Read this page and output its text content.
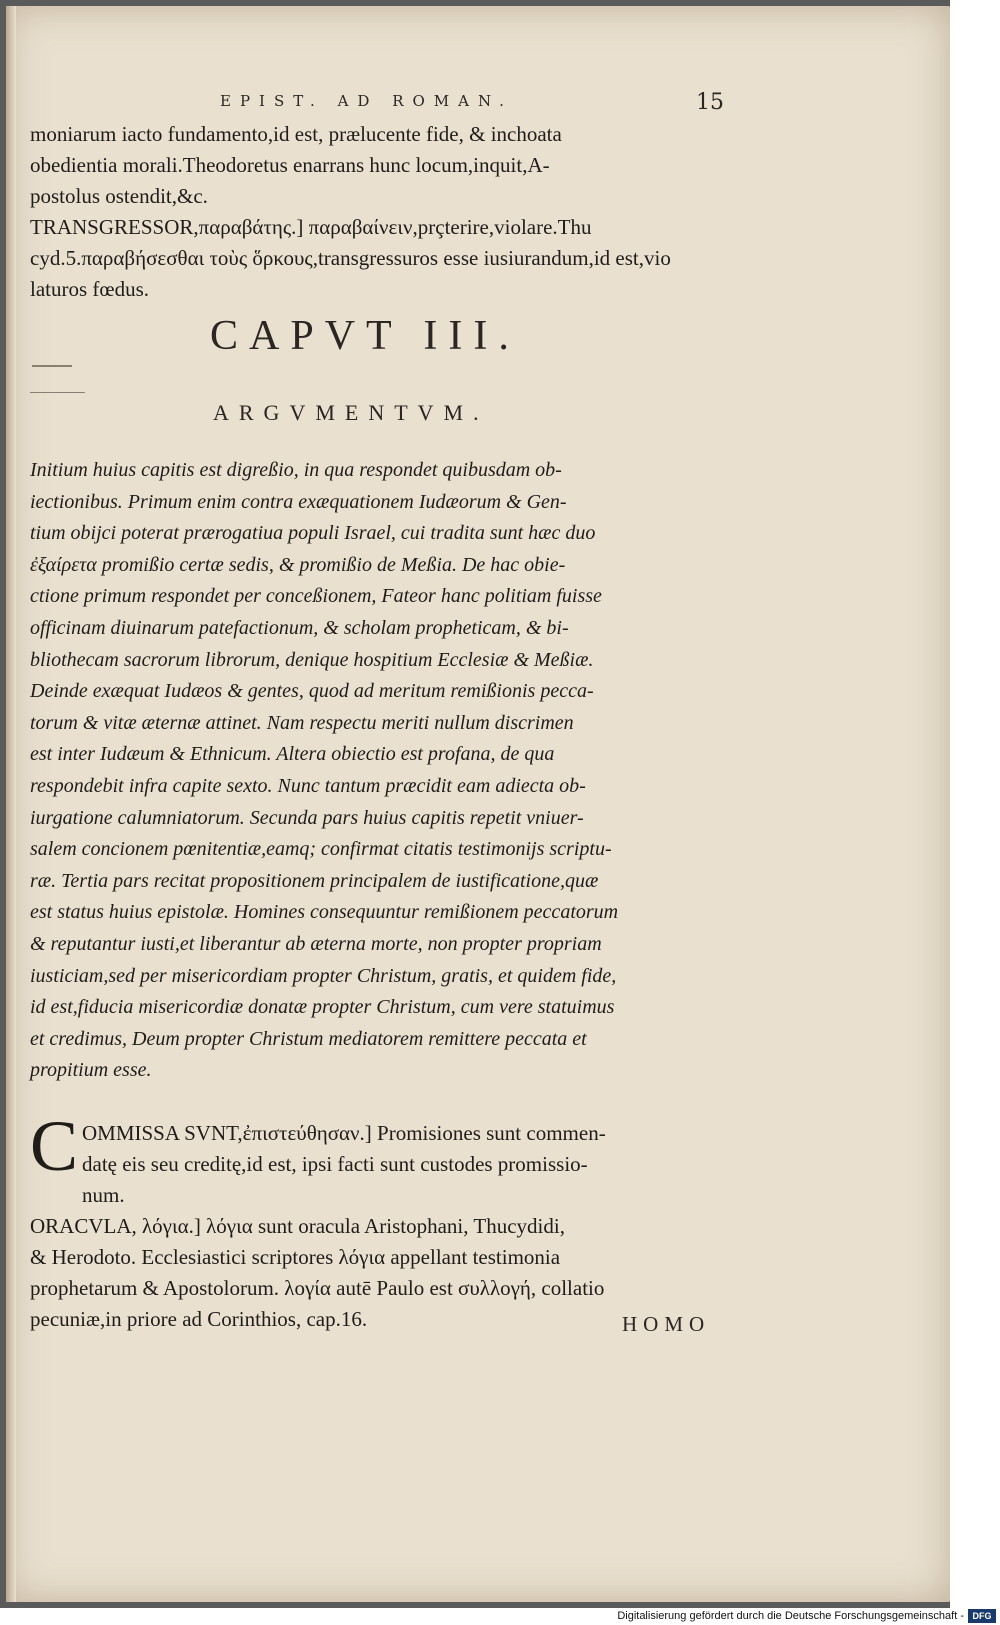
EPIST. AD ROMAN.	15
moniarum iacto fundamento,id est, prælucente fide, & inchoata
obedientia morali.Theodoretus enarrans hunc locum,inquit,A-
postolus ostendit,&c.
TRANSGRESSOR,παραβάτης.] παραβαίνειν,prçterire,violare.Thu
cyd.5.παραβήσεσθαι τοὺς ὅρκους,transgressuros esse iusiurandum,id est,vio
laturos fœdus.
CAPVT III.
ARGVMENTVM.
Initium huius capitis est digreßio, in qua respondet quibusdam ob-
iectionibus. Primum enim contra exæquationem Iudæorum & Gen-
tium obijci poterat prærogatiua populi Israel, cui tradita sunt hæc duo
ἐξαίρετα promißio certæ sedis, & promißio de Meßia. De hac obie-
ctione primum respondet per conceßionem, Fateor hanc politiam fuisse
officinam diuinarum patefactionum, & scholam propheticam, & bi-
bliothecam sacrorum librorum, denique hospitium Ecclesiæ & Meßiæ.
Deinde exæquat Iudæos & gentes, quod ad meritum remißionis pecca-
torum & vitæ æternæ attinet. Nam respectu meriti nullum discrimen
est inter Iudæum & Ethnicum. Altera obiectio est profana, de qua
respondebit infra capite sexto. Nunc tantum præcidit eam adiecta ob-
iurgatione calumniatorum. Secunda pars huius capitis repetit vniuer-
salem concionem pœnitentiæ,eamq; confirmat citatis testimonijs scriptu-
ræ. Tertia pars recitat propositionem principalem de iustificatione,quæ
est status huius epistolæ. Homines consequuntur remißionem peccatorum
& reputantur iusti,et liberantur ab æterna morte, non propter propriam
iusticiam,sed per misericordiam propter Christum, gratis, et quidem fide,
id est,fiducia misericordiæ donatæ propter Christum, cum vere statuimus
et credimus, Deum propter Christum mediatorem remittere peccata et
propitium esse.
C OMMISSA SVNT,ἐπιστεύθησαν.] Promisiones sunt commen-
datę eis seu creditę,id est, ipsi facti sunt custodes promissio-
num.
ORACVLA, λόγια.] λόγια sunt oracula Aristophani, Thucydidi,
& Herodoto. Ecclesiastici scriptores λόγια appellant testimonia
prophetarum & Apostolorum. λογία autē Paulo est συλλογή, collatio
pecuniæ,in priore ad Corinthios, cap.16.	HOMO
Digitalisierung gefördert durch die Deutsche Forschungsgemeinschaft - DFG
